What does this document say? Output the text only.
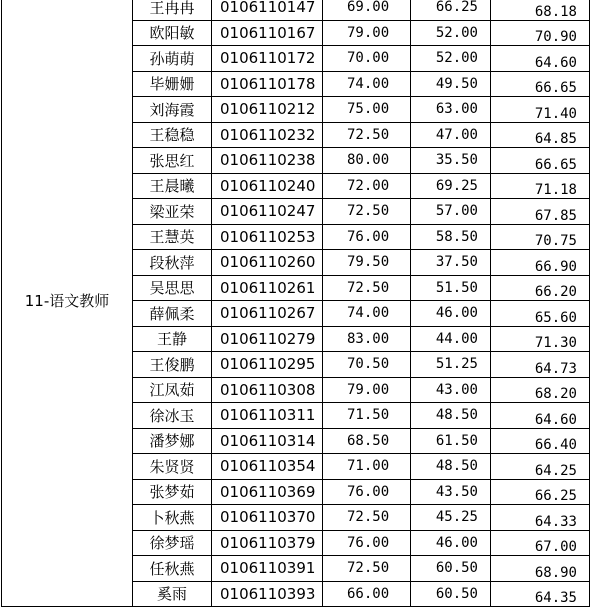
11-语文教师	王冉冉	0106110147	69.00	66.25	68.18
	欧阳敏	0106110167	79.00	52.00	70.90
	孙萌萌	0106110172	70.00	52.00	64.60
	毕姗姗	0106110178	74.00	49.50	66.65
	刘海霞	0106110212	75.00	63.00	71.40
	王稳稳	0106110232	72.50	47.00	64.85
	张思红	0106110238	80.00	35.50	66.65
	王晨曦	0106110240	72.00	69.25	71.18
	梁亚荣	0106110247	72.50	57.00	67.85
	王慧英	0106110253	76.00	58.50	70.75
	段秋萍	0106110260	79.50	37.50	66.90
	吴思思	0106110261	72.50	51.50	66.20
	薛佩柔	0106110267	74.00	46.00	65.60
	王静	0106110279	83.00	44.00	71.30
	王俊鹏	0106110295	70.50	51.25	64.73
	江凤茹	0106110308	79.00	43.00	68.20
	徐冰玉	0106110311	71.50	48.50	64.60
	潘梦娜	0106110314	68.50	61.50	66.40
	朱贤贤	0106110354	71.00	48.50	64.25
	张梦茹	0106110369	76.00	43.50	66.25
	卜秋燕	0106110370	72.50	45.25	64.33
	徐梦瑶	0106110379	76.00	46.00	67.00
	任秋燕	0106110391	72.50	60.50	68.90
	奚雨	0106110393	66.00	60.50	64.35
